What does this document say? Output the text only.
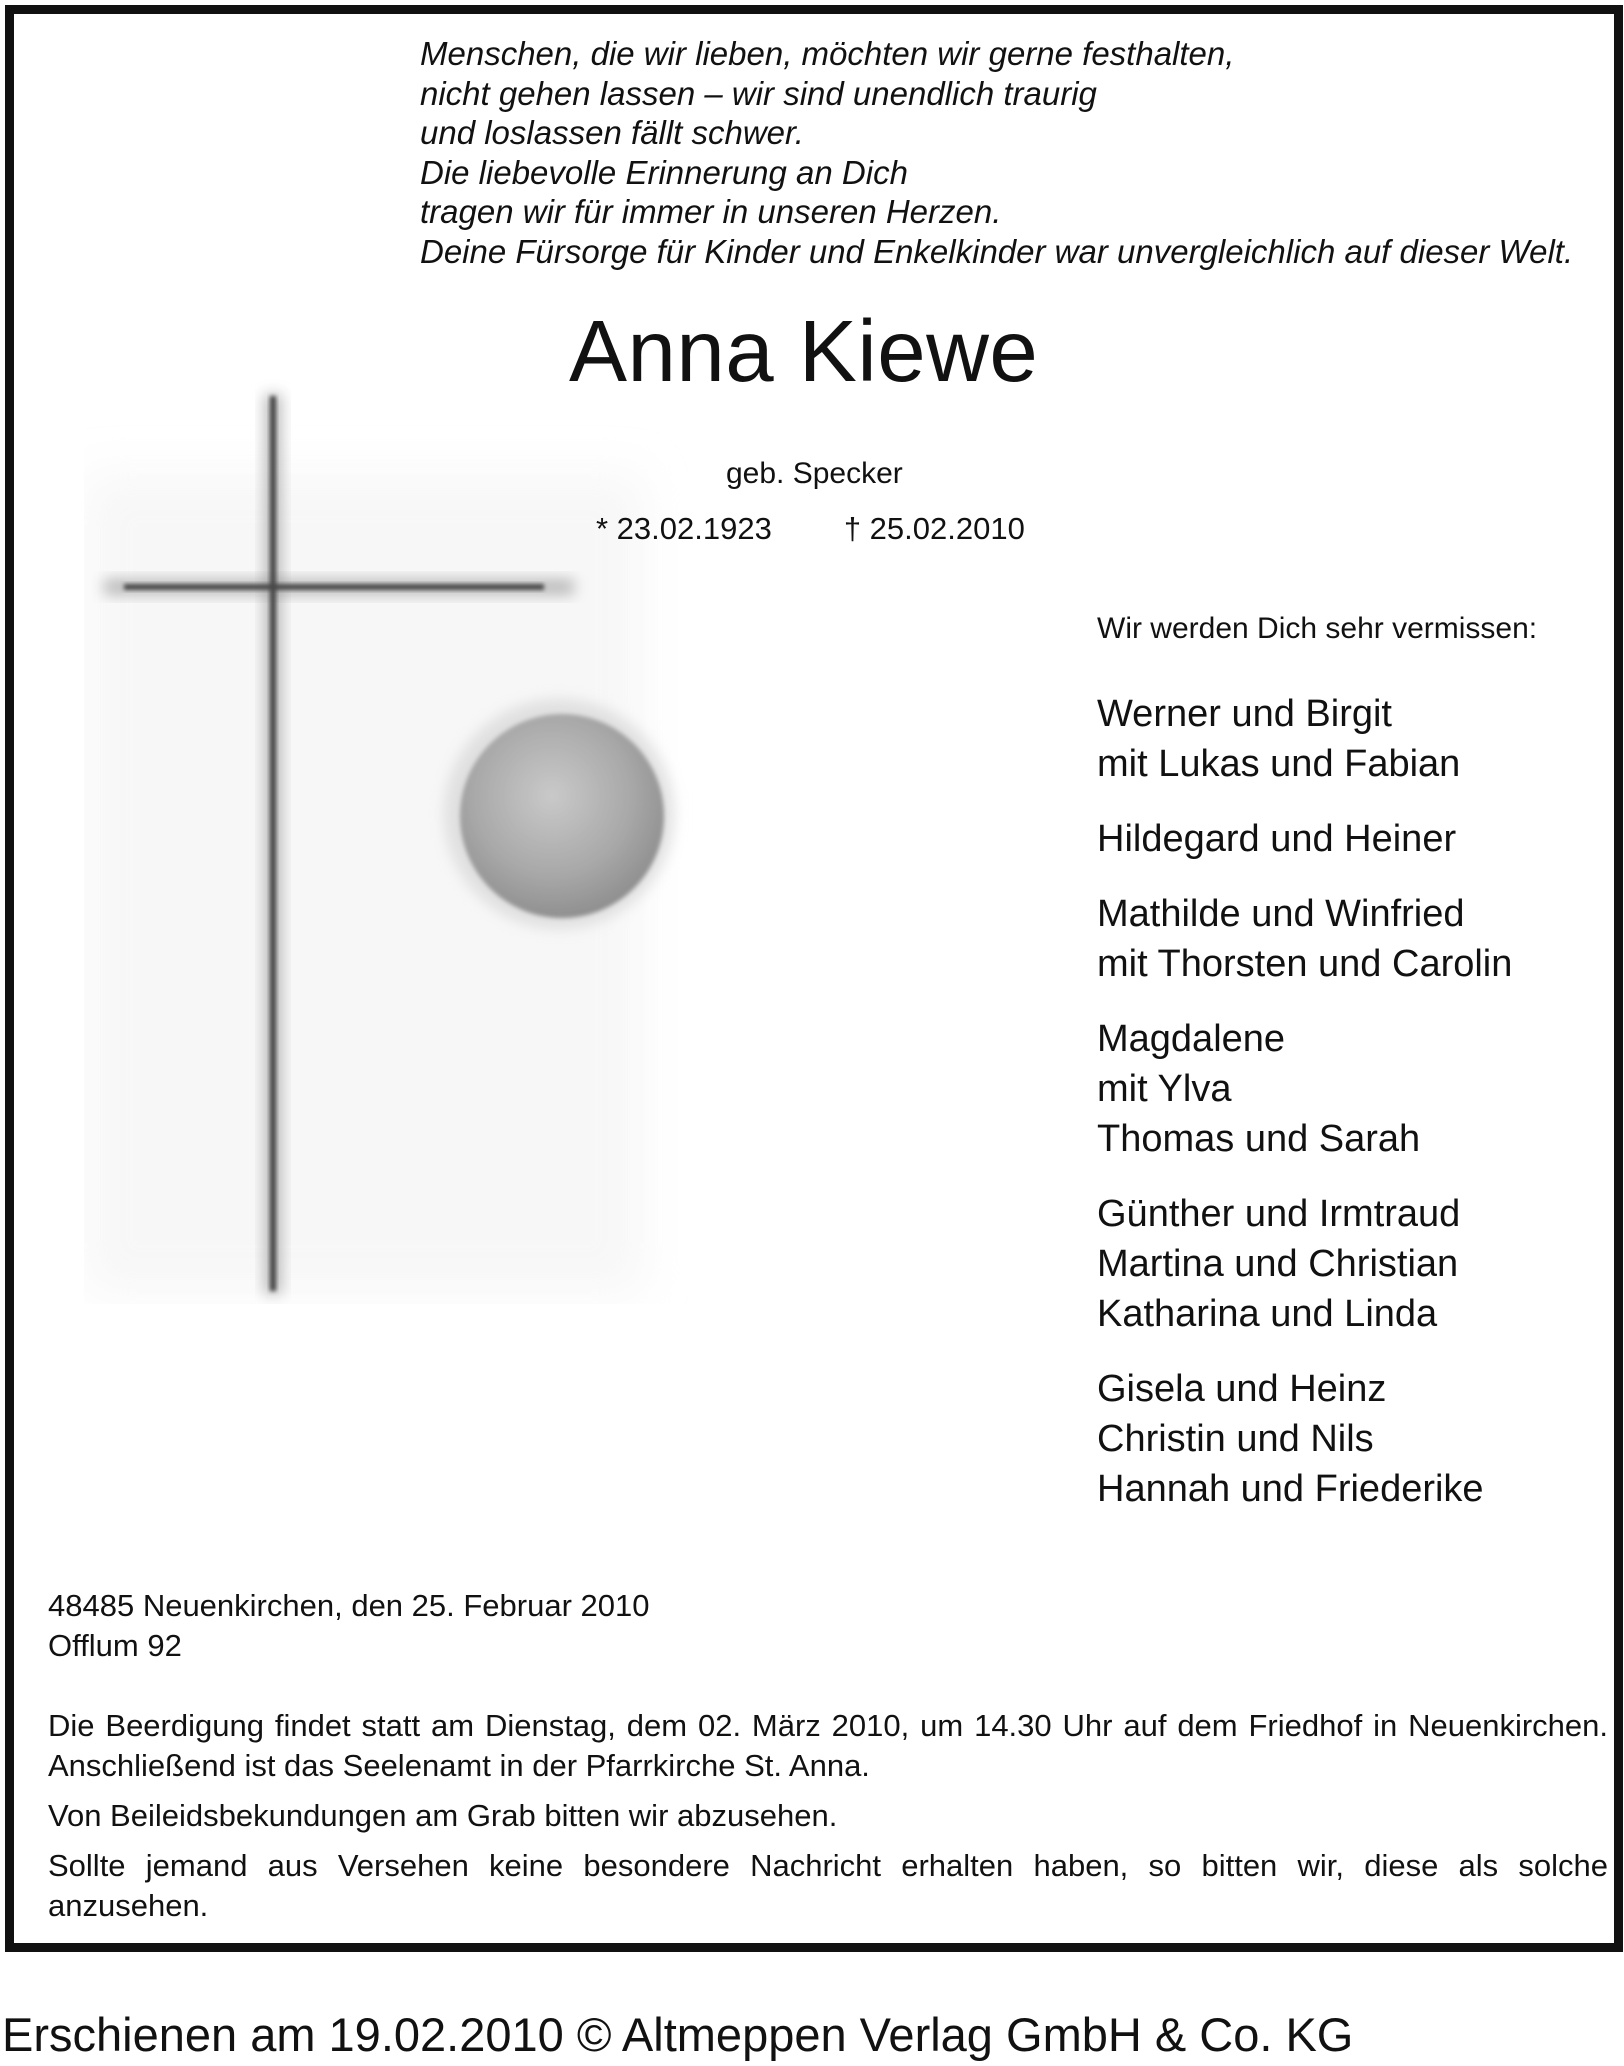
Menschen, die wir lieben, möchten wir gerne festhalten,
nicht gehen lassen – wir sind unendlich traurig
und loslassen fällt schwer.
Die liebevolle Erinnerung an Dich
tragen wir für immer in unseren Herzen.
Deine Fürsorge für Kinder und Enkelkinder war unvergleichlich auf dieser Welt.
Anna Kiewe
geb. Specker
* 23.02.1923 † 25.02.2010
Wir werden Dich sehr vermissen:
Werner und Birgit
mit Lukas und Fabian
Hildegard und Heiner
Mathilde und Winfried
mit Thorsten und Carolin
Magdalene
mit Ylva
Thomas und Sarah
Günther und Irmtraud
Martina und Christian
Katharina und Linda
Gisela und Heinz
Christin und Nils
Hannah und Friederike
48485 Neuenkirchen, den 25. Februar 2010
Offlum 92

Die Beerdigung findet statt am Dienstag, dem 02. März 2010, um 14.30 Uhr auf dem Friedhof in Neuenkirchen. Anschließend ist das Seelenamt in der Pfarrkirche St. Anna.

Von Beileidsbekundungen am Grab bitten wir abzusehen.

Sollte jemand aus Versehen keine besondere Nachricht erhalten haben, so bitten wir, diese als solche anzusehen.

Erschienen am 19.02.2010 © Altmeppen Verlag GmbH & Co. KG
